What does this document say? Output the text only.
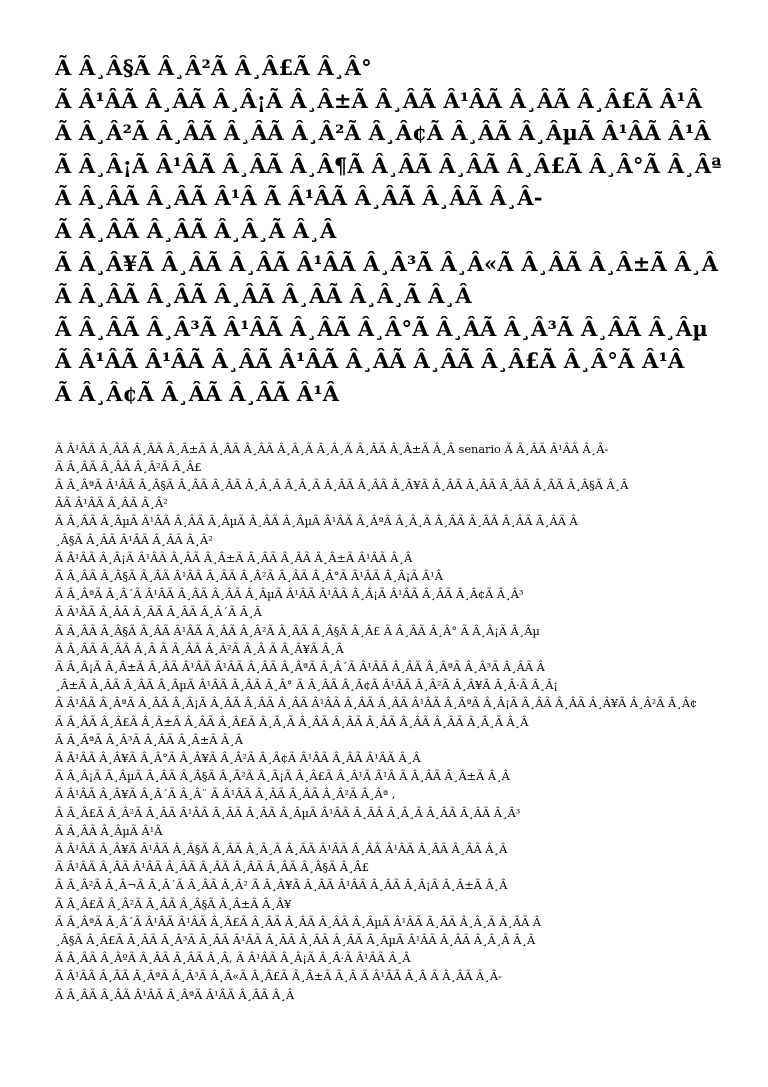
Ã Â¸Â§Ã Â¸Â²Ã Â¸Â£Ã Â¸Â°
Ã Â¹ÂÃ Â¸ÂÃ Â¸Â¡Ã Â¸Â±Ã Â¸ÂÃ Â¹ÂÃ Â¸ÂÃ Â¸Â£Ã Â¹Â
Ã Â¸Â²Ã Â¸ÂÃ Â¸ÂÃ Â¸Â²Ã Â¸Â¢Ã Â¸ÂÃ Â¸ÂµÃ Â¹ÂÃ Â¹Â
Ã Â¸Â¡Ã Â¹ÂÃ Â¸ÂÃ Â¸Â¶Ã Â¸ÂÃ Â¸ÂÃ Â¸Â£Ã Â¸Â°Ã Â¸Âª
Ã Â¸ÂÃ Â¸ÂÃ Â¹Â Ã Â¹ÂÃ Â¸ÂÃ Â¸ÂÃ Â¸Â-
Ã Â¸ÂÃ Â¸ÂÃ Â¸Â¸Ã Â¸Â
Ã Â¸Â¥Ã Â¸ÂÃ Â¸ÂÃ Â¹ÂÃ Â¸Â³Ã Â¸Â«Ã Â¸ÂÃ Â¸Â±Ã Â¸Â
Ã Â¸ÂÃ Â¸ÂÃ Â¸ÂÃ Â¸ÂÃ Â¸Â¸Ã Â¸Â
Ã Â¸ÂÃ Â¸Â³Ã Â¹ÂÃ Â¸ÂÃ Â¸Â°Ã Â¸ÂÃ Â¸Â³Ã Â¸ÂÃ Â¸Âµ
Ã Â¹ÂÃ Â¹ÂÃ Â¸ÂÃ Â¹ÂÃ Â¸ÂÃ Â¸ÂÃ Â¸Â£Ã Â¸Â°Ã Â¹Â
Ã Â¸Â¢Ã Â¸ÂÃ Â¸ÂÃ Â¹Â
Ã Â¹ÂÃ Â¸ÂÃ Â¸ÂÃ Â¸Â±Ã Â¸ÂÃ Â¸ÂÃ Â¸Â¸Ã Â¸Â¸Ã Â¸ÂÃ Â¸Â±Ã Â¸Â senario Ã Â¸ÂÃ Â¹ÂÃ Â¸Â-
Ã Â¸ÂÃ Â¸ÂÃ Â¸Â²Ã Â¸Â£
Ã Â¸ÂªÃ Â¹ÂÃ Â¸Â§Ã Â¸ÂÃ Â¸ÂÃ Â¸Â¸Ã Â¸Â¸Ã Â¸ÂÃ Â¸ÂÃ Â¸Â¥Ã Â¸ÂÃ Â¸ÂÃ Â¸ÂÃ Â¸ÂÃ Â¸Â§Ã Â¸Â
ÂÃ Â¹ÂÃ Â¸ÂÃ Â¸Â²
Ã Â¸ÂÃ Â¸ÂµÃ Â¹ÂÃ Â¸ÂÃ Â¸ÂµÃ Â¸ÂÃ Â¸ÂµÃ Â¹ÂÃ Â¸ÂªÃ Â¸Â¸Ã Â¸ÂÃ Â¸ÂÃ Â¸ÂÃ Â¸ÂÃ Â
¸Â§Ã Â¸ÂÃ Â¹ÂÃ Â¸ÂÃ Â¸Â²
Ã Â¹ÂÃ Â¸Â¡Ã Â¹ÂÃ Â¸ÂÃ Â¸Â±Ã Â¸ÂÃ Â¸ÂÃ Â¸Â±Ã Â¹ÂÃ Â¸Â
Ã Â¸ÂÃ Â¸Â§Ã Â¸ÂÃ Â¹ÂÃ Â¸ÂÃ Â¸Â²Ã Â¸ÂÃ Â¸Â°Ã Â¹ÂÃ Â¸Â¡Ã Â¹Â
Ã Â¸ÂªÃ Â¸Â´Ã Â¹ÂÃ Â¸ÂÃ Â¸ÂÃ Â¸ÂµÃ Â¹ÂÃ Â¹ÂÃ Â¸Â¡Ã Â¹ÂÃ Â¸ÂÃ Â¸Â¢Ã Â¸Â³
Ã Â¹ÂÃ Â¸ÂÃ Â¸ÂÃ Â¸ÂÃ Â¸Â´Ã Â¸Â
Ã Â¸ÂÃ Â¸Â§Ã Â¸ÂÃ Â¹ÂÃ Â¸ÂÃ Â¸Â²Ã Â¸ÂÃ Â¸Â§Ã Â¸Â£ Ã Â¸ÂÃ Â¸Â° Ã Â¸Â¡Ã Â¸Âµ
Ã Â¸ÂÃ Â¸ÂÃ Â¸Â Ã Â¸ÂÃ Â¸Â²Ã Â¸Â Ã Â¸Â¥Ã Â¸Â
Ã Â¸Â¡Ã Â¸Â±Ã Â¸ÂÃ Â¹ÂÃ Â¹ÂÃ Â¸ÂÃ Â¸ÂªÃ Â¸Â´Ã Â¹ÂÃ Â¸ÂÃ Â¸ÂªÃ Â¸Â³Ã Â¸ÂÃ Â
¸Â±Ã Â¸ÂÃ Â¸ÂÃ Â¸ÂµÃ Â¹ÂÃ Â¸ÂÃ Â¸Â° Ã Â¸ÂÃ Â¸Â¢Ã Â¹ÂÃ Â¸Â²Ã Â¸Â¥Ã Â¸Â·Ã Â¸Â¡
Ã Â¹ÂÃ Â¸ÂªÃ Â¸ÂÃ Â¸Â¡Ã Â¸ÂÃ Â¸ÂÃ Â¸ÂÃ Â¹ÂÃ Â¸ÂÃ Â¸ÂÃ Â¹ÂÃ Â¸ÂªÃ Â¸Â¡Ã Â¸ÂÃ Â¸ÂÃ Â¸Â¥Ã Â¸Â²Ã Â¸Â¢
Ã Â¸ÂÃ Â¸Â£Ã Â¸Â±Ã Â¸ÂÃ Â¸Â£Ã Â¸Â¸Ã Â¸ÂÃ Â¸ÂÃ Â¸ÂÃ Â¸ÂÃ Â¸ÂÃ Â¸Â¸Ã Â¸Â
Ã Â¸ÂªÃ Â¸Â³Ã Â¸ÂÃ Â¸Â±Ã Â¸Â
Ã Â¹ÂÃ Â¸Â¥Ã Â¸Â°Ã Â¸Â¥Ã Â¸Â²Ã Â¸Â¢Ã Â¹ÂÃ Â¸ÂÃ Â¹ÂÃ Â¸Â
Ã Â¸Â¡Ã Â¸ÂµÃ Â¸ÂÃ Â¸Â§Ã Â¸Â²Ã Â¸Â¡Ã Â¸Â£Ã Â¸Â¹Ã Â¹Â Ã Â¸ÂÃ Â¸Â±Ã Â¸Â
Ã Â¹ÂÃ Â¸Â¥Ã Â¸Â´Ã Â¸Â¨ Ã Â¹ÂÃ Â¸ÂÃ Â¸ÂÃ Â¸Â²Ã Â¸Âª ,
Ã Â¸Â£Ã Â¸Â²Ã Â¸ÂÃ Â¹ÂÃ Â¸ÂÃ Â¸ÂÃ Â¸ÂµÃ Â¹ÂÃ Â¸ÂÃ Â¸Â¸Ã Â¸ÂÃ Â¸ÂÃ Â¸Â³
Ã Â¸ÂÃ Â¸ÂµÃ Â¹Â
Ã Â¹ÂÃ Â¸Â¥Ã Â¹ÂÃ Â¸Â§Ã Â¸ÂÃ Â¸Â¸Ã Â¸ÂÃ Â¹ÂÃ Â¸ÂÃ Â¹ÂÃ Â¸ÂÃ Â¸ÂÃ Â¸Â
Ã Â¹ÂÃ Â¸ÂÃ Â¹ÂÃ Â¸ÂÃ Â¸ÂÃ Â¸ÂÃ Â¸ÂÃ Â¸Â§Ã Â¸Â£
Ã Â¸Â²Ã Â¸Â¬Ã Â¸Â´Ã Â¸ÂÃ Â¸Â² Ã Â¸Â¥Ã Â¸ÂÃ Â¹ÂÃ Â¸ÂÃ Â¸Â¡Ã Â¸Â±Ã Â¸Â
Ã Â¸Â£Ã Â¸Â²Ã Â¸ÂÃ Â¸Â§Ã Â¸Â±Ã Â¸Â¥
Ã Â¸ÂªÃ Â¸Â´Ã Â¹ÂÃ Â¹ÂÃ Â¸Â£Ã Â¸ÂÃ Â¸ÂÃ Â¸ÂÃ Â¸ÂµÃ Â¹ÂÃ Â¸ÂÃ Â¸Â¸Ã Â¸ÂÃ Â
¸Â§Ã Â¸Â£Ã Â¸ÂÃ Â¸Â³Ã Â¸ÂÃ Â¹ÂÃ Â¸ÂÃ Â¸ÂÃ Â¸ÂÃ Â¸ÂµÃ Â¹ÂÃ Â¸ÂÃ Â¸Â¸Ã Â¸Â
Ã Â¸ÂÃ Â¸ÂºÃ Â¸ÂÃ Â¸ÂÃ Â¸Â, Ã Â¹ÂÃ Â¸Â¡Ã Â¸Â·Ã Â¹ÂÃ Â¸Â
Ã Â¹ÂÃ Â¸ÂÃ Â¸ÂªÃ Â¸Â³Ã Â¸Â«Ã Â¸Â£Ã Â¸Â±Ã Â¸Â Ã Â¹ÂÃ Â¸Â Ã Â¸ÂÃ Â¸Â-
Ã Â¸ÂÃ Â¸ÂÃ Â¹ÂÃ Â¸ÂªÃ Â¹ÂÃ Â¸ÂÃ Â¸Â
